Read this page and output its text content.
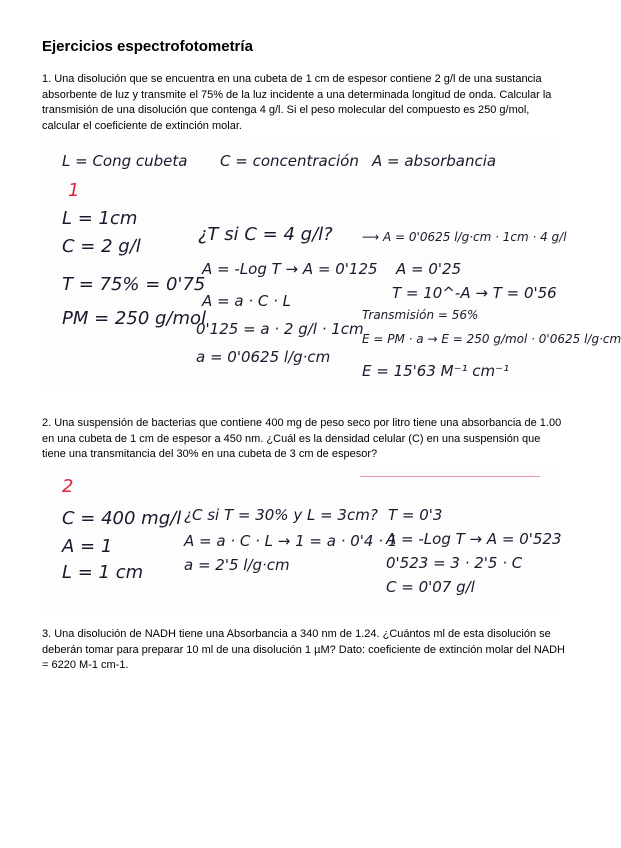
Ejercicios espectrofotometría
1. Una disolución que se encuentra en una cubeta de 1 cm de espesor contiene 2 g/l de una sustancia absorbente de luz y transmite el 75% de la luz incidente a una determinada longitud de onda. Calcular la transmisión de una disolución que contenga 4 g/l. Si el peso molecular del compuesto es 250 g/mol, calcular el coeficiente de extinción molar.
L = Cong cubeta C = concentración A = absorbancia
1
L = 1cm
C = 2 g/l
T = 75% = 0'75
PM = 250 g/mol
¿T si C = 4 g/l? ⟶ A = 0'0625 l/g·cm · 1cm · 4 g/l
A = -Log T → A = 0'125 A = 0'25
A = a · C · L	T = 10^-A → T = 0'56
0'125 = a · 2 g/l · 1cm
Transmisión = 56%
a = 0'0625 l/g·cm
E = PM · a → E = 250 g/mol · 0'0625 l/g·cm
E = 15'63 M⁻¹ cm⁻¹
2. Una suspensión de bacterias que contiene 400 mg de peso seco por litro tiene una absorbancia de 1.00 en una cubeta de 1 cm de espesor a 450 nm. ¿Cuál es la densidad celular (C) en una suspensión que tiene una transmitancia del 30% en una cubeta de 3 cm de espesor?
2
C = 400 mg/l
A = 1
L = 1 cm
¿C si T = 30% y L = 3cm?
A = a · C · L → 1 = a · 0'4 · 1
a = 2'5 l/g·cm
T = 0'3
A = -Log T → A = 0'523
0'523 = 3 · 2'5 · C
C = 0'07 g/l
3. Una disolución de NADH tiene una Absorbancia a 340 nm de 1.24. ¿Cuántos ml de esta disolución se deberán tomar para preparar 10 ml de una disolución 1 µM? Dato: coeficiente de extinción molar del NADH = 6220 M-1 cm-1.
